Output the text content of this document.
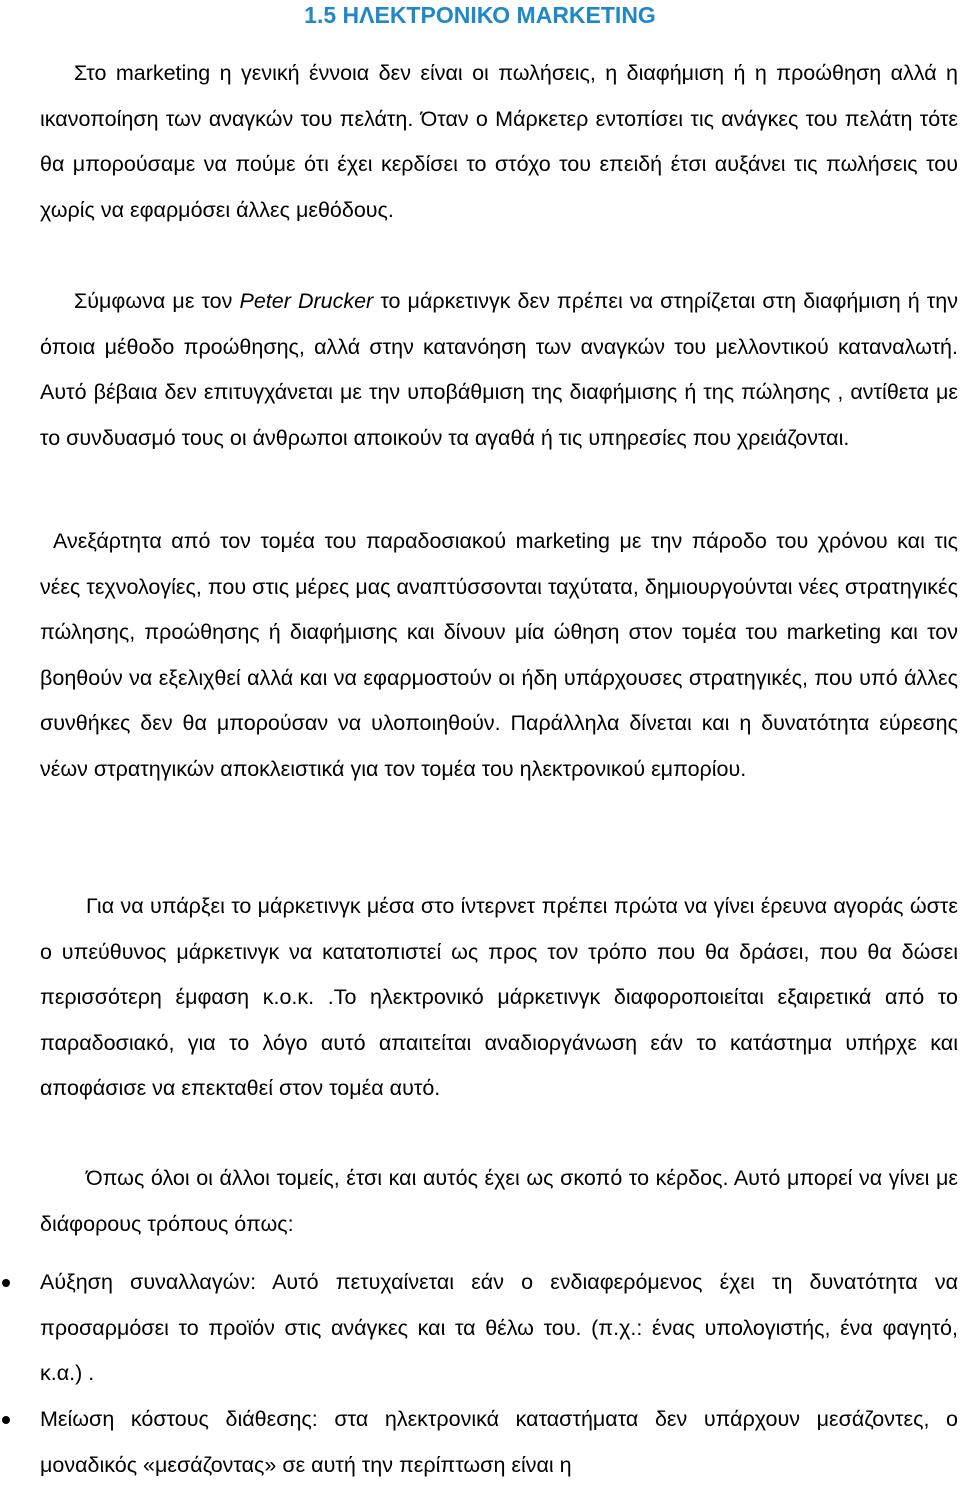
1.5 ΗΛΕΚΤΡΟΝΙΚΟ MARKETING

Στο marketing η γενική έννοια δεν είναι οι πωλήσεις, η διαφήμιση ή η προώθηση αλλά η ικανοποίηση των αναγκών του πελάτη. Όταν ο Μάρκετερ εντοπίσει τις ανάγκες του πελάτη τότε θα μπορούσαμε να πούμε ότι έχει κερδίσει το στόχο του επειδή έτσι αυξάνει τις πωλήσεις του χωρίς να εφαρμόσει άλλες μεθόδους.

Σύμφωνα με τον Peter Drucker το μάρκετινγκ δεν πρέπει να στηρίζεται στη διαφήμιση ή την όποια μέθοδο προώθησης, αλλά στην κατανόηση των αναγκών του μελλοντικού καταναλωτή. Αυτό βέβαια δεν επιτυγχάνεται με την υποβάθμιση της διαφήμισης ή της πώλησης , αντίθετα με το συνδυασμό τους οι άνθρωποι αποικούν τα αγαθά ή τις υπηρεσίες που χρειάζονται.

Ανεξάρτητα από τον τομέα του παραδοσιακού marketing με την πάροδο του χρόνου και τις νέες τεχνολογίες, που στις μέρες μας αναπτύσσονται ταχύτατα, δημιουργούνται νέες στρατηγικές πώλησης, προώθησης ή διαφήμισης και δίνουν μία ώθηση στον τομέα του marketing και τον βοηθούν να εξελιχθεί αλλά και να εφαρμοστούν οι ήδη υπάρχουσες στρατηγικές, που υπό άλλες συνθήκες δεν θα μπορούσαν να υλοποιηθούν. Παράλληλα δίνεται και η δυνατότητα εύρεσης νέων στρατηγικών αποκλειστικά για τον τομέα του ηλεκτρονικού εμπορίου.

Για να υπάρξει το μάρκετινγκ μέσα στο ίντερνετ πρέπει πρώτα να γίνει έρευνα αγοράς ώστε ο υπεύθυνος μάρκετινγκ να κατατοπιστεί ως προς τον τρόπο που θα δράσει, που θα δώσει περισσότερη έμφαση κ.ο.κ. .Το ηλεκτρονικό μάρκετινγκ διαφοροποιείται εξαιρετικά από το παραδοσιακό, για το λόγο αυτό απαιτείται αναδιοργάνωση εάν το κατάστημα υπήρχε και αποφάσισε να επεκταθεί στον τομέα αυτό.

Όπως όλοι οι άλλοι τομείς, έτσι και αυτός έχει ως σκοπό το κέρδος. Αυτό μπορεί να γίνει με διάφορους τρόπους όπως:

Αύξηση συναλλαγών: Αυτό πετυχαίνεται εάν ο ενδιαφερόμενος έχει τη δυνατότητα να προσαρμόσει το προϊόν στις ανάγκες και τα θέλω του. (π.χ.: ένας υπολογιστής, ένα φαγητό, κ.α.) .

Μείωση κόστους διάθεσης: στα ηλεκτρονικά καταστήματα δεν υπάρχουν μεσάζοντες, ο μοναδικός «μεσάζοντας» σε αυτή την περίπτωση είναι η
